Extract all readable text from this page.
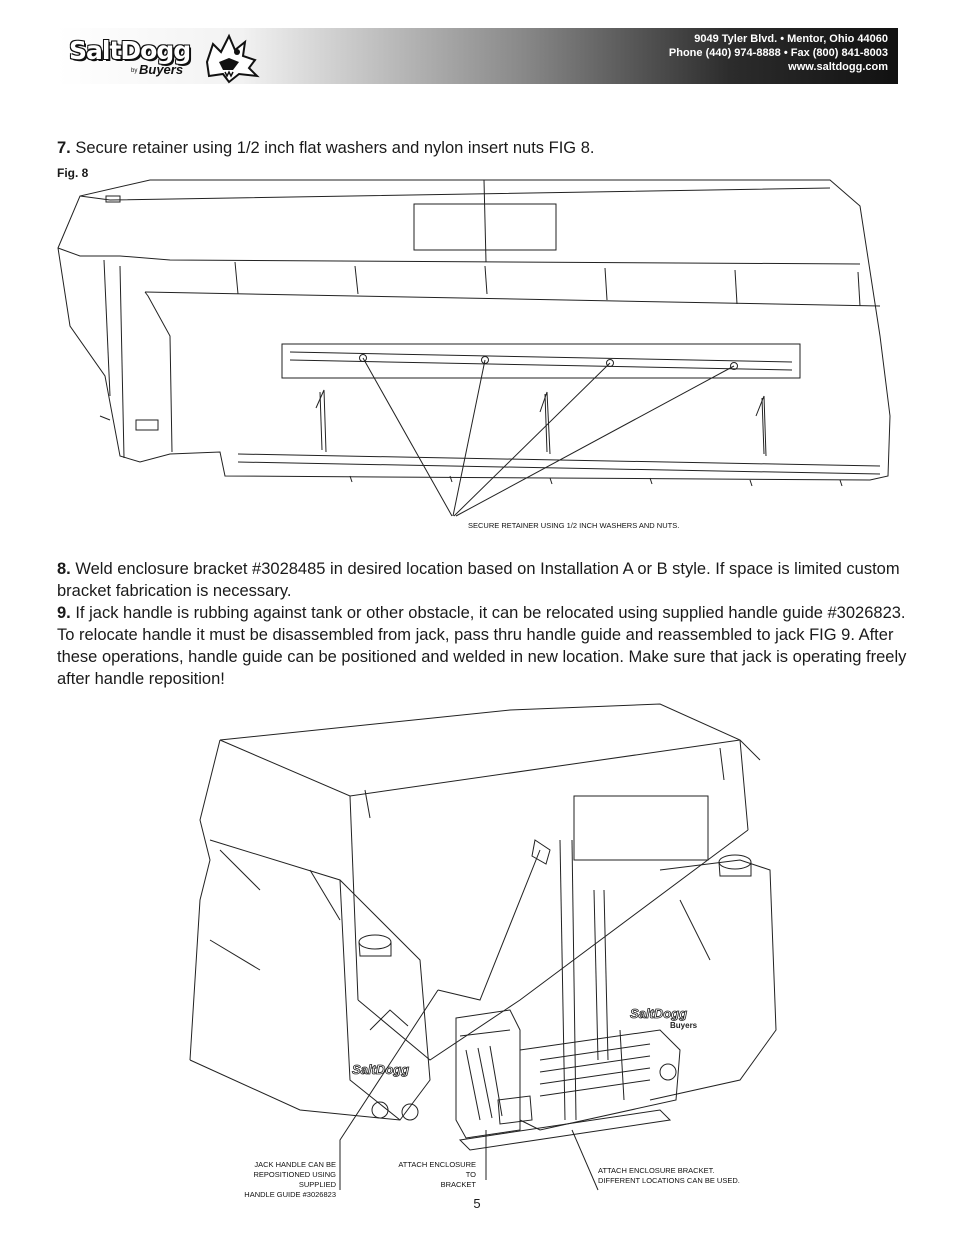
SaltDogg
by Buyers
9049 Tyler Blvd. • Mentor, Ohio 44060
Phone (440) 974-8888 • Fax (800) 841-8003
www.saltdogg.com
7. Secure retainer using 1/2 inch flat washers and nylon insert nuts FIG 8.
Fig. 8
SECURE RETAINER USING 1/2 INCH WASHERS AND NUTS.
8. Weld enclosure bracket #3028485 in desired location based on Installation A or B style. If space is limited custom bracket fabrication is necessary.
9. If jack handle is rubbing against tank or other obstacle, it can be relocated using supplied handle guide #3026823. To relocate handle it must be disassembled from jack, pass thru handle guide and reassembled to jack FIG 9. After these operations, handle guide can be positioned and welded in new location. Make sure that jack is operating freely after handle reposition!
SaltDogg
SaltDogg
Buyers
JACK HANDLE CAN BE
REPOSITIONED USING SUPPLIED
HANDLE GUIDE #3026823
ATTACH ENCLOSURE TO
BRACKET
ATTACH ENCLOSURE BRACKET.
DIFFERENT LOCATIONS CAN BE USED.
5
